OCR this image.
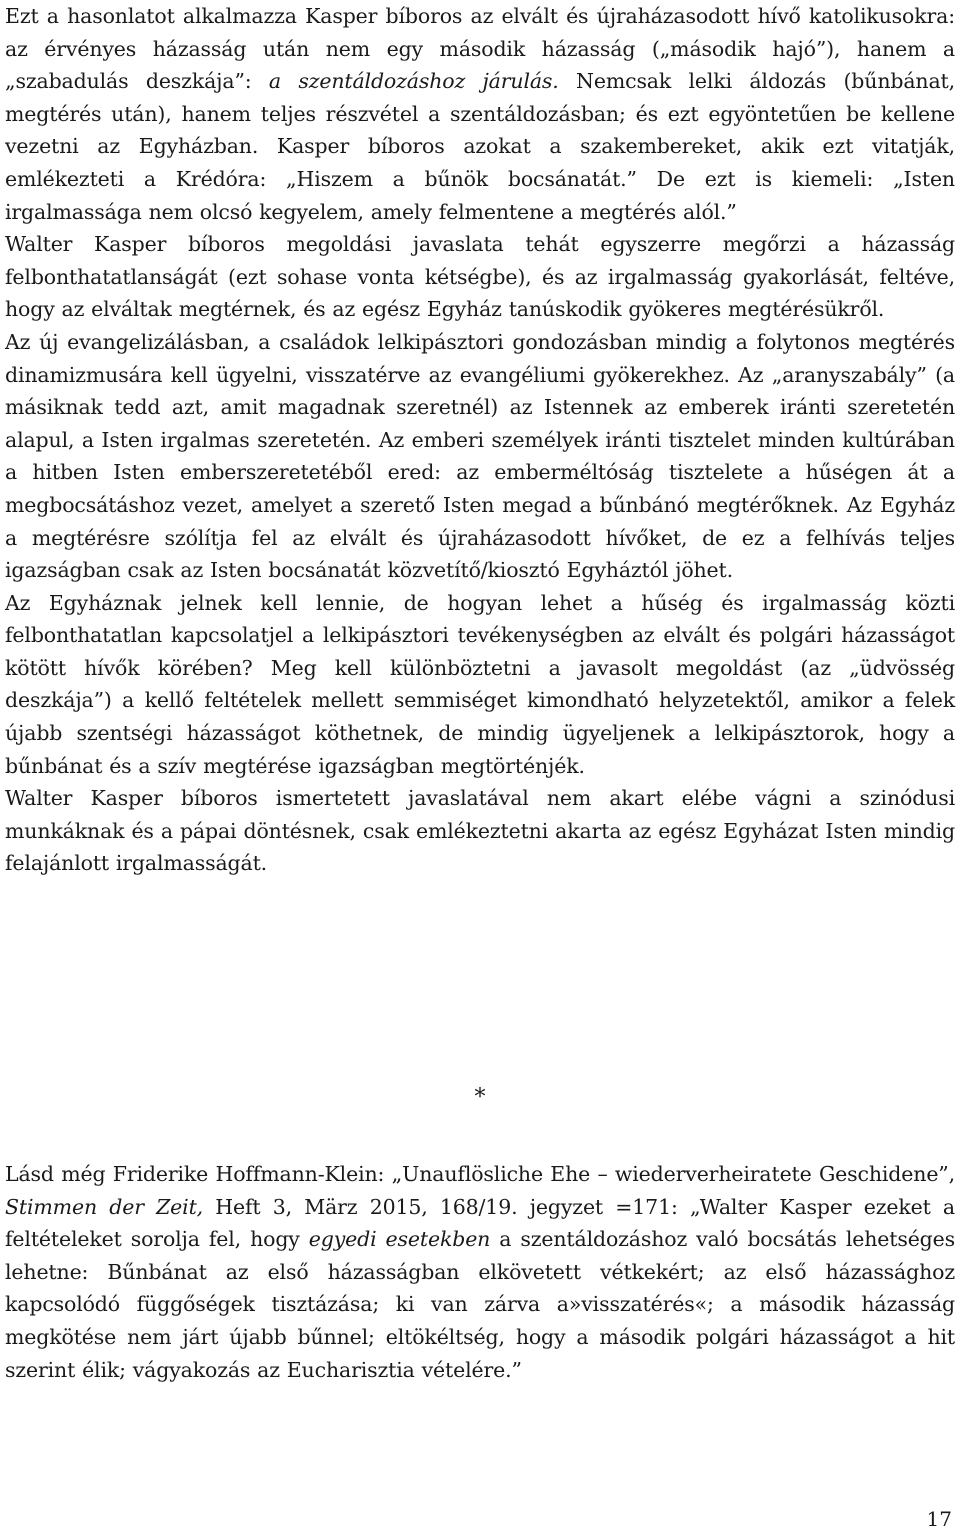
Ezt a hasonlatot alkalmazza Kasper bíboros az elvált és újraházasodott hívő katolikusokra: az érvényes házasság után nem egy második házasság („második hajó”), hanem a „szabadulás deszkája”: a szentáldozáshoz járulás. Nemcsak lelki áldozás (bűnbánat, megtérés után), hanem teljes részvétel a szentáldozásban; és ezt egyöntetűen be kellene vezetni az Egyházban. Kasper bíboros azokat a szakembereket, akik ezt vitatják, emlékezteti a Krédóra: „Hiszem a bűnök bocsánatát.” De ezt is kiemeli: „Isten irgalmassága nem olcsó kegyelem, amely felmentene a megtérés alól.”

Walter Kasper bíboros megoldási javaslata tehát egyszerre megőrzi a házasság felbonthatatlanságát (ezt sohase vonta kétségbe), és az irgalmasság gyakorlását, feltéve, hogy az elváltak megtérnek, és az egész Egyház tanúskodik gyökeres megtérésükről.

Az új evangelizálásban, a családok lelkipásztori gondozásban mindig a folytonos megtérés dinamizmusára kell ügyelni, visszatérve az evangéliumi gyökerekhez. Az „aranyszabály” (a másiknak tedd azt, amit magadnak szeretnél) az Istennek az emberek iránti szeretetén alapul, a Isten irgalmas szeretetén. Az emberi személyek iránti tisztelet minden kultúrában a hitben Isten emberszeretetéből ered: az emberméltóság tisztelete a hűségen át a megbocsátáshoz vezet, amelyet a szerető Isten megad a bűnbánó megtérőknek. Az Egyház a megtérésre szólítja fel az elvált és újraházasodott hívőket, de ez a felhívás teljes igazságban csak az Isten bocsánatát közvetítő/kiosztó Egyháztól jöhet.

Az Egyháznak jelnek kell lennie, de hogyan lehet a hűség és irgalmasság közti felbonthatatlan kapcsolatjel a lelkipásztori tevékenységben az elvált és polgári házasságot kötött hívők körében? Meg kell különböztetni a javasolt megoldást (az „üdvösség deszkája”) a kellő feltételek mellett semmiséget kimondható helyzetektől, amikor a felek újabb szentségi házasságot köthetnek, de mindig ügyeljenek a lelkipásztorok, hogy a bűnbánat és a szív megtérése igazságban megtörténjék.

Walter Kasper bíboros ismertetett javaslatával nem akart elébe vágni a szinódusi munkáknak és a pápai döntésnek, csak emlékeztetni akarta az egész Egyházat Isten mindig felajánlott irgalmasságát.

*

Lásd még Friderike Hoffmann-Klein: „Unauflösliche Ehe – wiederverheiratete Geschidene”, Stimmen der Zeit, Heft 3, März 2015, 168/19. jegyzet =171: „Walter Kasper ezeket a feltételeket sorolja fel, hogy egyedi esetekben a szentáldozáshoz való bocsátás lehetséges lehetne: Bűnbánat az első házasságban elkövetett vétkekért; az első házassághoz kapcsolódó függőségek tisztázása; ki van zárva a»visszatérés«; a második házasság megkötése nem járt újabb bűnnel; eltökéltség, hogy a második polgári házasságot a hit szerint élik; vágyakozás az Eucharisztia vételére.”

17
